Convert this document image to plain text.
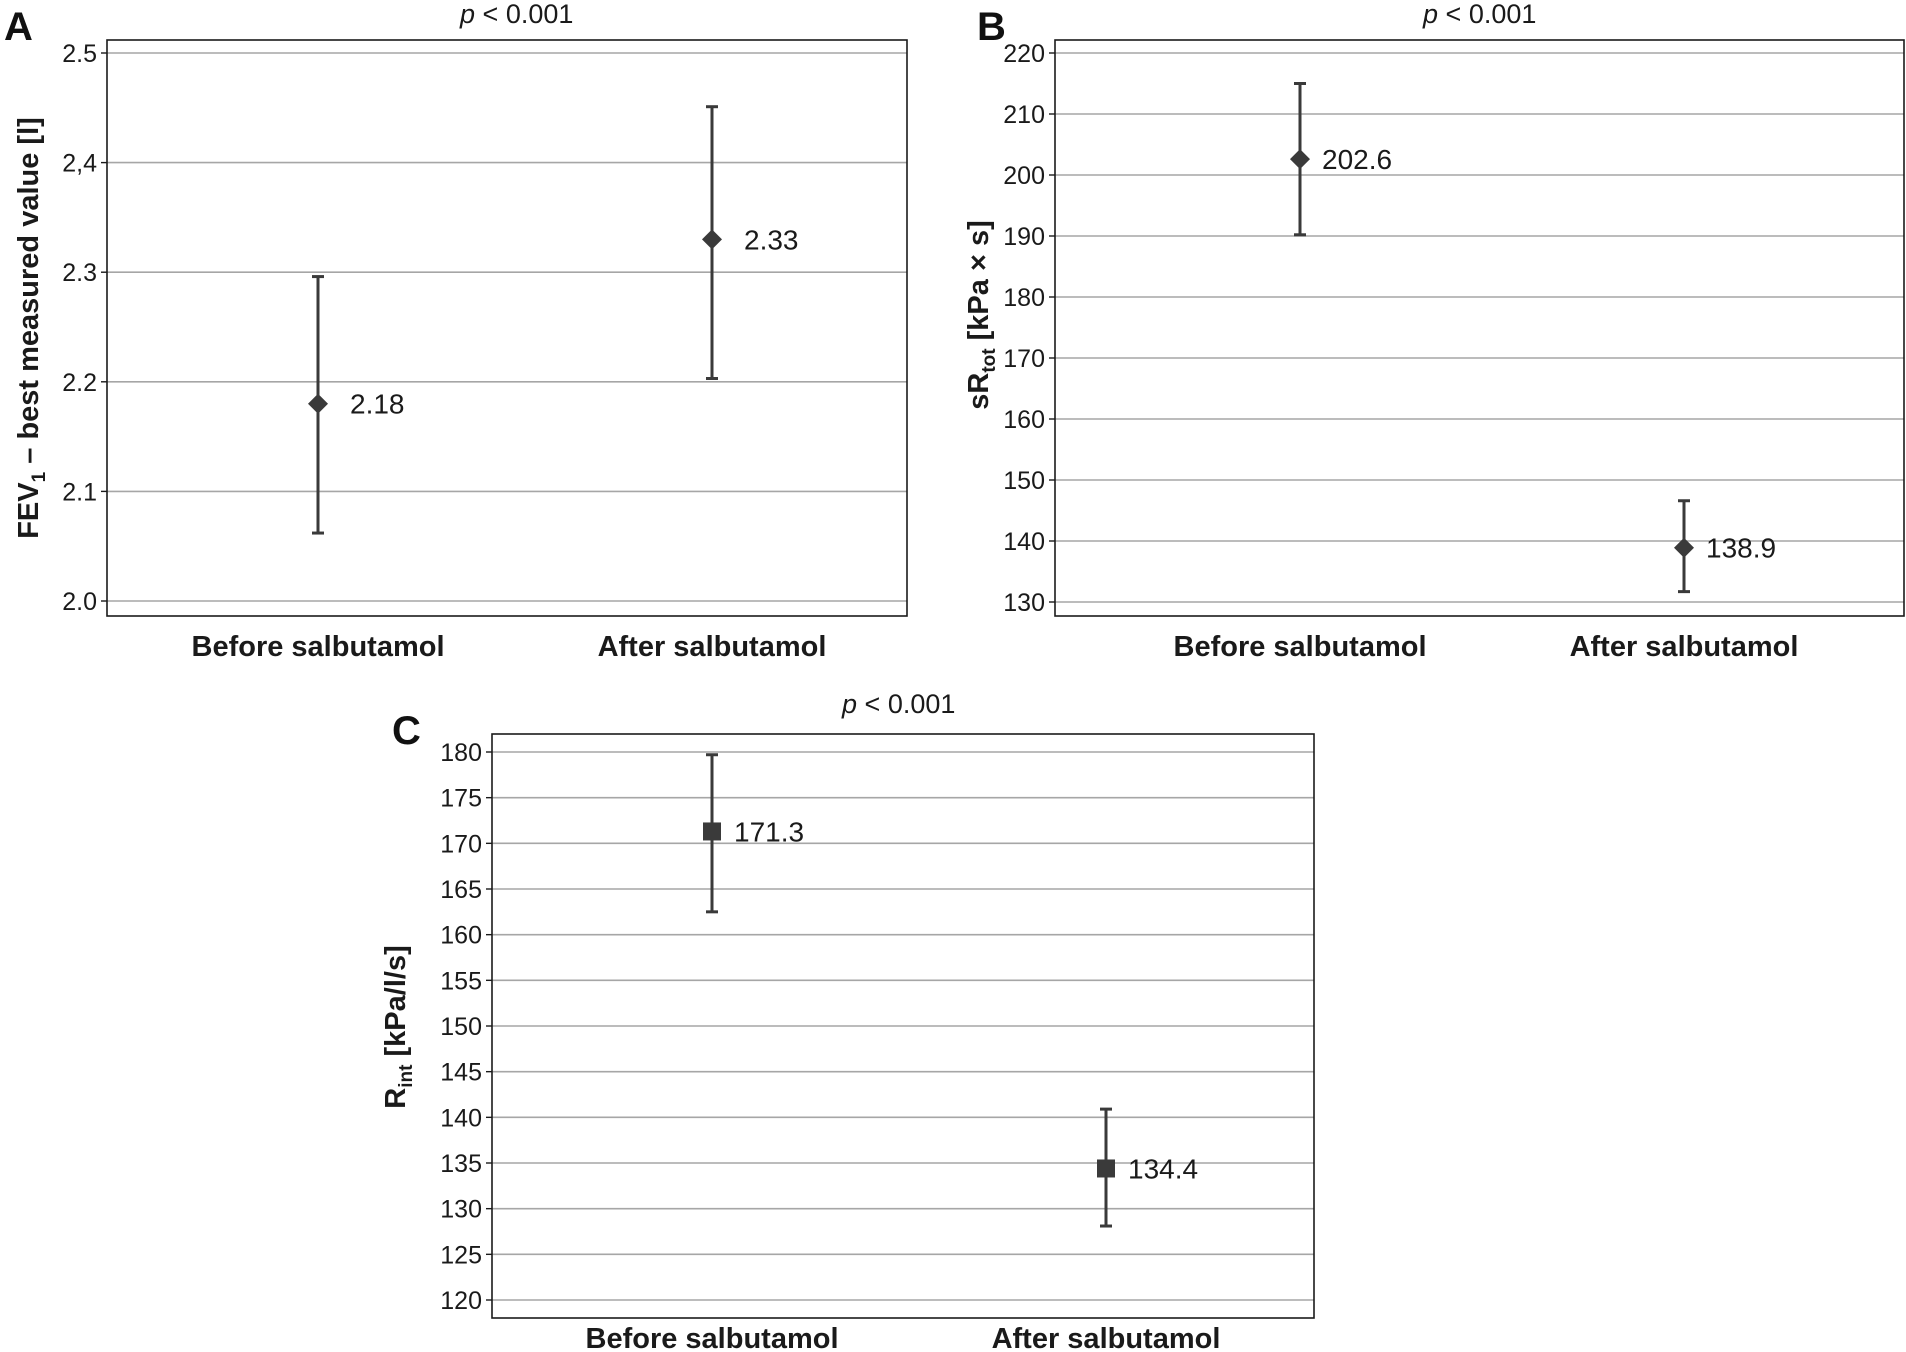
A	p < 0.001
2.0
2.1
2.2
2.3
2,4
2.5
$FEV_1$ – best measured value [l]
Before salbutamol	After salbutamol
2.18
2.33
B	p < 0.001
130
140
150
160
170
180
190
200
210
220
$sR_{tot}$ [kPa × s]
Before salbutamol	After salbutamol
202.6
138.9
C
p < 0.001
120
125
130
135
140
145
150
155
160
165
170
175
180
$R_{int}$ [kPa/l/s]
Before salbutamol	After salbutamol
171.3
134.4
